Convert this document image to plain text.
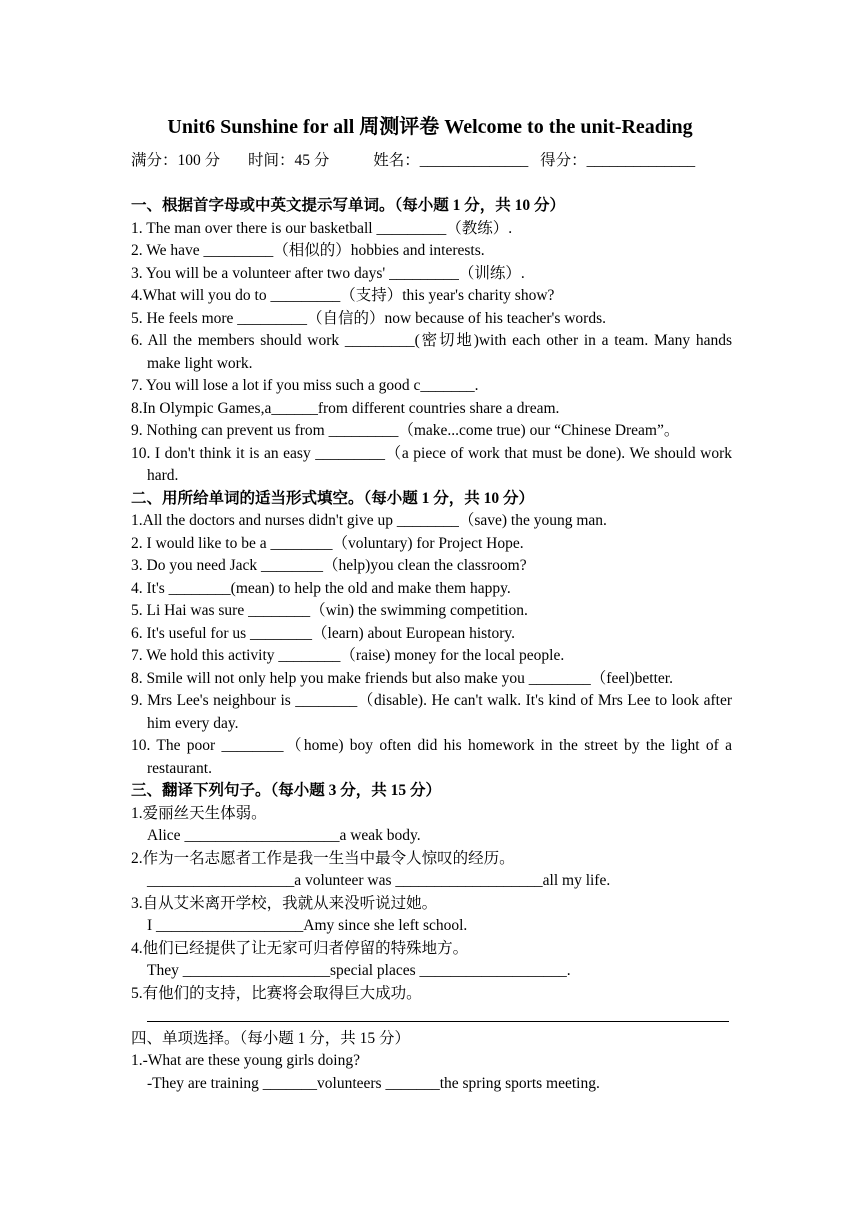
Unit6 Sunshine for all 周测评卷 Welcome to the unit-Reading
满分：100 分 时间：45 分	姓名：______________ 得分：______________
一、根据首字母或中英文提示写单词。（每小题 1 分，共 10 分）
1. The man over there is our basketball _________（教练）.
2. We have _________（相似的）hobbies and interests.
3. You will be a volunteer after two days' _________（训练）.
4.What will you do to _________（支持）this year's charity show?
5. He feels more _________（自信的）now because of his teacher's words.
6. All the members should work _________(密切地)with each other in a team. Many hands make light work.
7. You will lose a lot if you miss such a good c_______.
8.In Olympic Games,a______from different countries share a dream.
9. Nothing can prevent us from _________（make...come true) our “Chinese Dream”。
10. I don't think it is an easy _________（a piece of work that must be done). We should work hard.
二、用所给单词的适当形式填空。（每小题 1 分，共 10 分）
1.All the doctors and nurses didn't give up ________（save) the young man.
2. I would like to be a ________（voluntary) for Project Hope.
3. Do you need Jack ________（help)you clean the classroom?
4. It's ________(mean) to help the old and make them happy.
5. Li Hai was sure ________（win) the swimming competition.
6. It's useful for us ________（learn) about European history.
7. We hold this activity ________（raise) money for the local people.
8. Smile will not only help you make friends but also make you ________（feel)better.
9. Mrs Lee's neighbour is ________（disable). He can't walk. It's kind of Mrs Lee to look after him every day.
10. The poor ________（home) boy often did his homework in the street by the light of a restaurant.
三、翻译下列句子。（每小题 3 分，共 15 分）
1.爱丽丝天生体弱。
Alice ____________________a weak body.
2.作为一名志愿者工作是我一生当中最令人惊叹的经历。
___________________a volunteer was ___________________all my life.
3.自从艾米离开学校，我就从来没听说过她。
I ___________________Amy since she left school.
4.他们已经提供了让无家可归者停留的特殊地方。
They ___________________special places ___________________.
5.有他们的支持，比赛将会取得巨大成功。
四、单项选择。（每小题 1 分，共 15 分）
1.-What are these young girls doing?
-They are training _______volunteers _______the spring sports meeting.
